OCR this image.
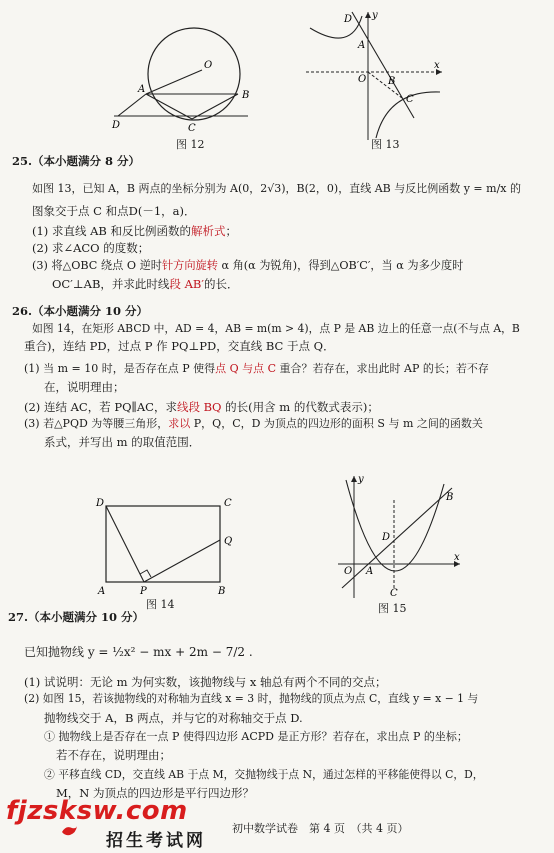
O
A
B
C
D
图 12
D y
A
O B
C
x
图 13
25.（本小题满分 8 分）
如图 13，已知 A，B 两点的坐标分别为 A(0，2√3)，B(2，0)，直线 AB 与反比例函数 y = m/x 的
图象交于点 C 和点D(－1，a)．
(1) 求直线 AB 和反比例函数的解析式；
(2) 求∠ACO 的度数；
(3) 将△OBC 绕点 O 逆时针方向旋转 α 角(α 为锐角)，得到△OB′C′，当 α 为多少度时
OC′⊥AB，并求此时线段 AB′的长．
26.（本小题满分 10 分）
如图 14，在矩形 ABCD 中，AD = 4，AB = m(m > 4)，点 P 是 AB 边上的任意一点(不与点 A，B
重合)，连结 PD，过点 P 作 PQ⊥PD，交直线 BC 于点 Q．
(1) 当 m = 10 时，是否存在点 P 使得点 Q 与点 C 重合？若存在，求出此时 AP 的长；若不存
在，说明理由；
(2) 连结 AC，若 PQ∥AC，求线段 BQ 的长(用含 m 的代数式表示)；
(3) 若△PQD 为等腰三角形，求以 P，Q，C，D 为顶点的四边形的面积 S 与 m 之间的函数关
系式，并写出 m 的取值范围．
D	C
Q
A	P	B
图 14
y
B
D
x
O A
C
图 15
27.（本小题满分 10 分）
已知抛物线 y = ½x² − mx + 2m − 7/2 .
(1) 试说明：无论 m 为何实数，该抛物线与 x 轴总有两个不同的交点；
(2) 如图 15，若该抛物线的对称轴为直线 x = 3 时，抛物线的顶点为点 C，直线 y = x − 1 与
抛物线交于 A，B 两点，并与它的对称轴交于点 D.
① 抛物线上是否存在一点 P 使得四边形 ACPD 是正方形？若存在，求出点 P 的坐标；
若不存在，说明理由；
② 平移直线 CD，交直线 AB 于点 M，交抛物线于点 N，通过怎样的平移能使得以 C，D，
M，N 为顶点的四边形是平行四边形？
初中数学试卷　第 4 页　（共 4 页）
fjzsksw.com
招生考试网
